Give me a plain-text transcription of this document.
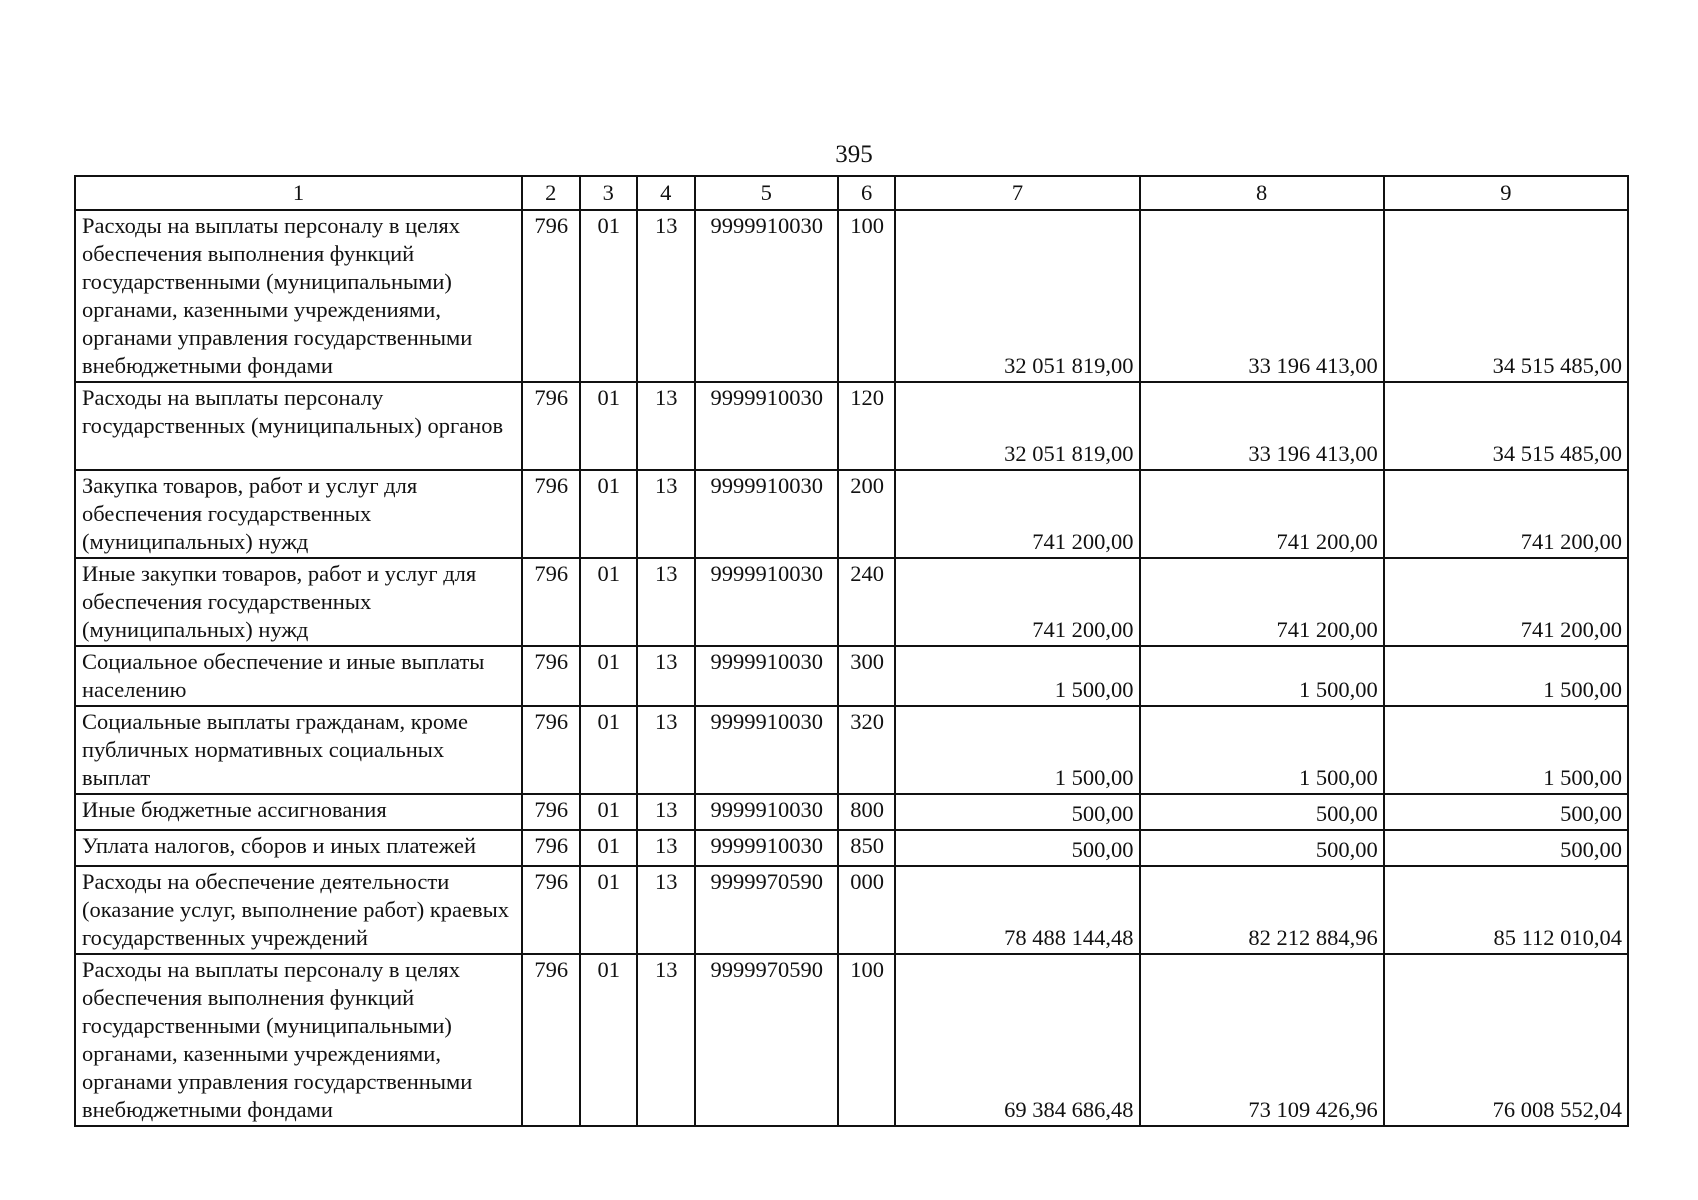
395
1	2	3	4	5	6	7	8	9
Расходы на выплаты персоналу в целях обеспечения выполнения функций государственными (муниципальными) органами, казенными учреждениями, органами управления государственными внебюджетными фондами	796	01	13	9999910030	100	32 051 819,00	33 196 413,00	34 515 485,00
Расходы на выплаты персоналу государственных (муниципальных) органов	796	01	13	9999910030	120	32 051 819,00	33 196 413,00	34 515 485,00
Закупка товаров, работ и услуг для обеспечения государственных (муниципальных) нужд	796	01	13	9999910030	200	741 200,00	741 200,00	741 200,00
Иные закупки товаров, работ и услуг для обеспечения государственных (муниципальных) нужд	796	01	13	9999910030	240	741 200,00	741 200,00	741 200,00
Социальное обеспечение и иные выплаты населению	796	01	13	9999910030	300	1 500,00	1 500,00	1 500,00
Социальные выплаты гражданам, кроме публичных нормативных социальных выплат	796	01	13	9999910030	320	1 500,00	1 500,00	1 500,00
Иные бюджетные ассигнования	796	01	13	9999910030	800	500,00	500,00	500,00
Уплата налогов, сборов и иных платежей	796	01	13	9999910030	850	500,00	500,00	500,00
Расходы на обеспечение деятельности (оказание услуг, выполнение работ) краевых государственных учреждений	796	01	13	9999970590	000	78 488 144,48	82 212 884,96	85 112 010,04
Расходы на выплаты персоналу в целях обеспечения выполнения функций государственными (муниципальными) органами, казенными учреждениями, органами управления государственными внебюджетными фондами	796	01	13	9999970590	100	69 384 686,48	73 109 426,96	76 008 552,04
